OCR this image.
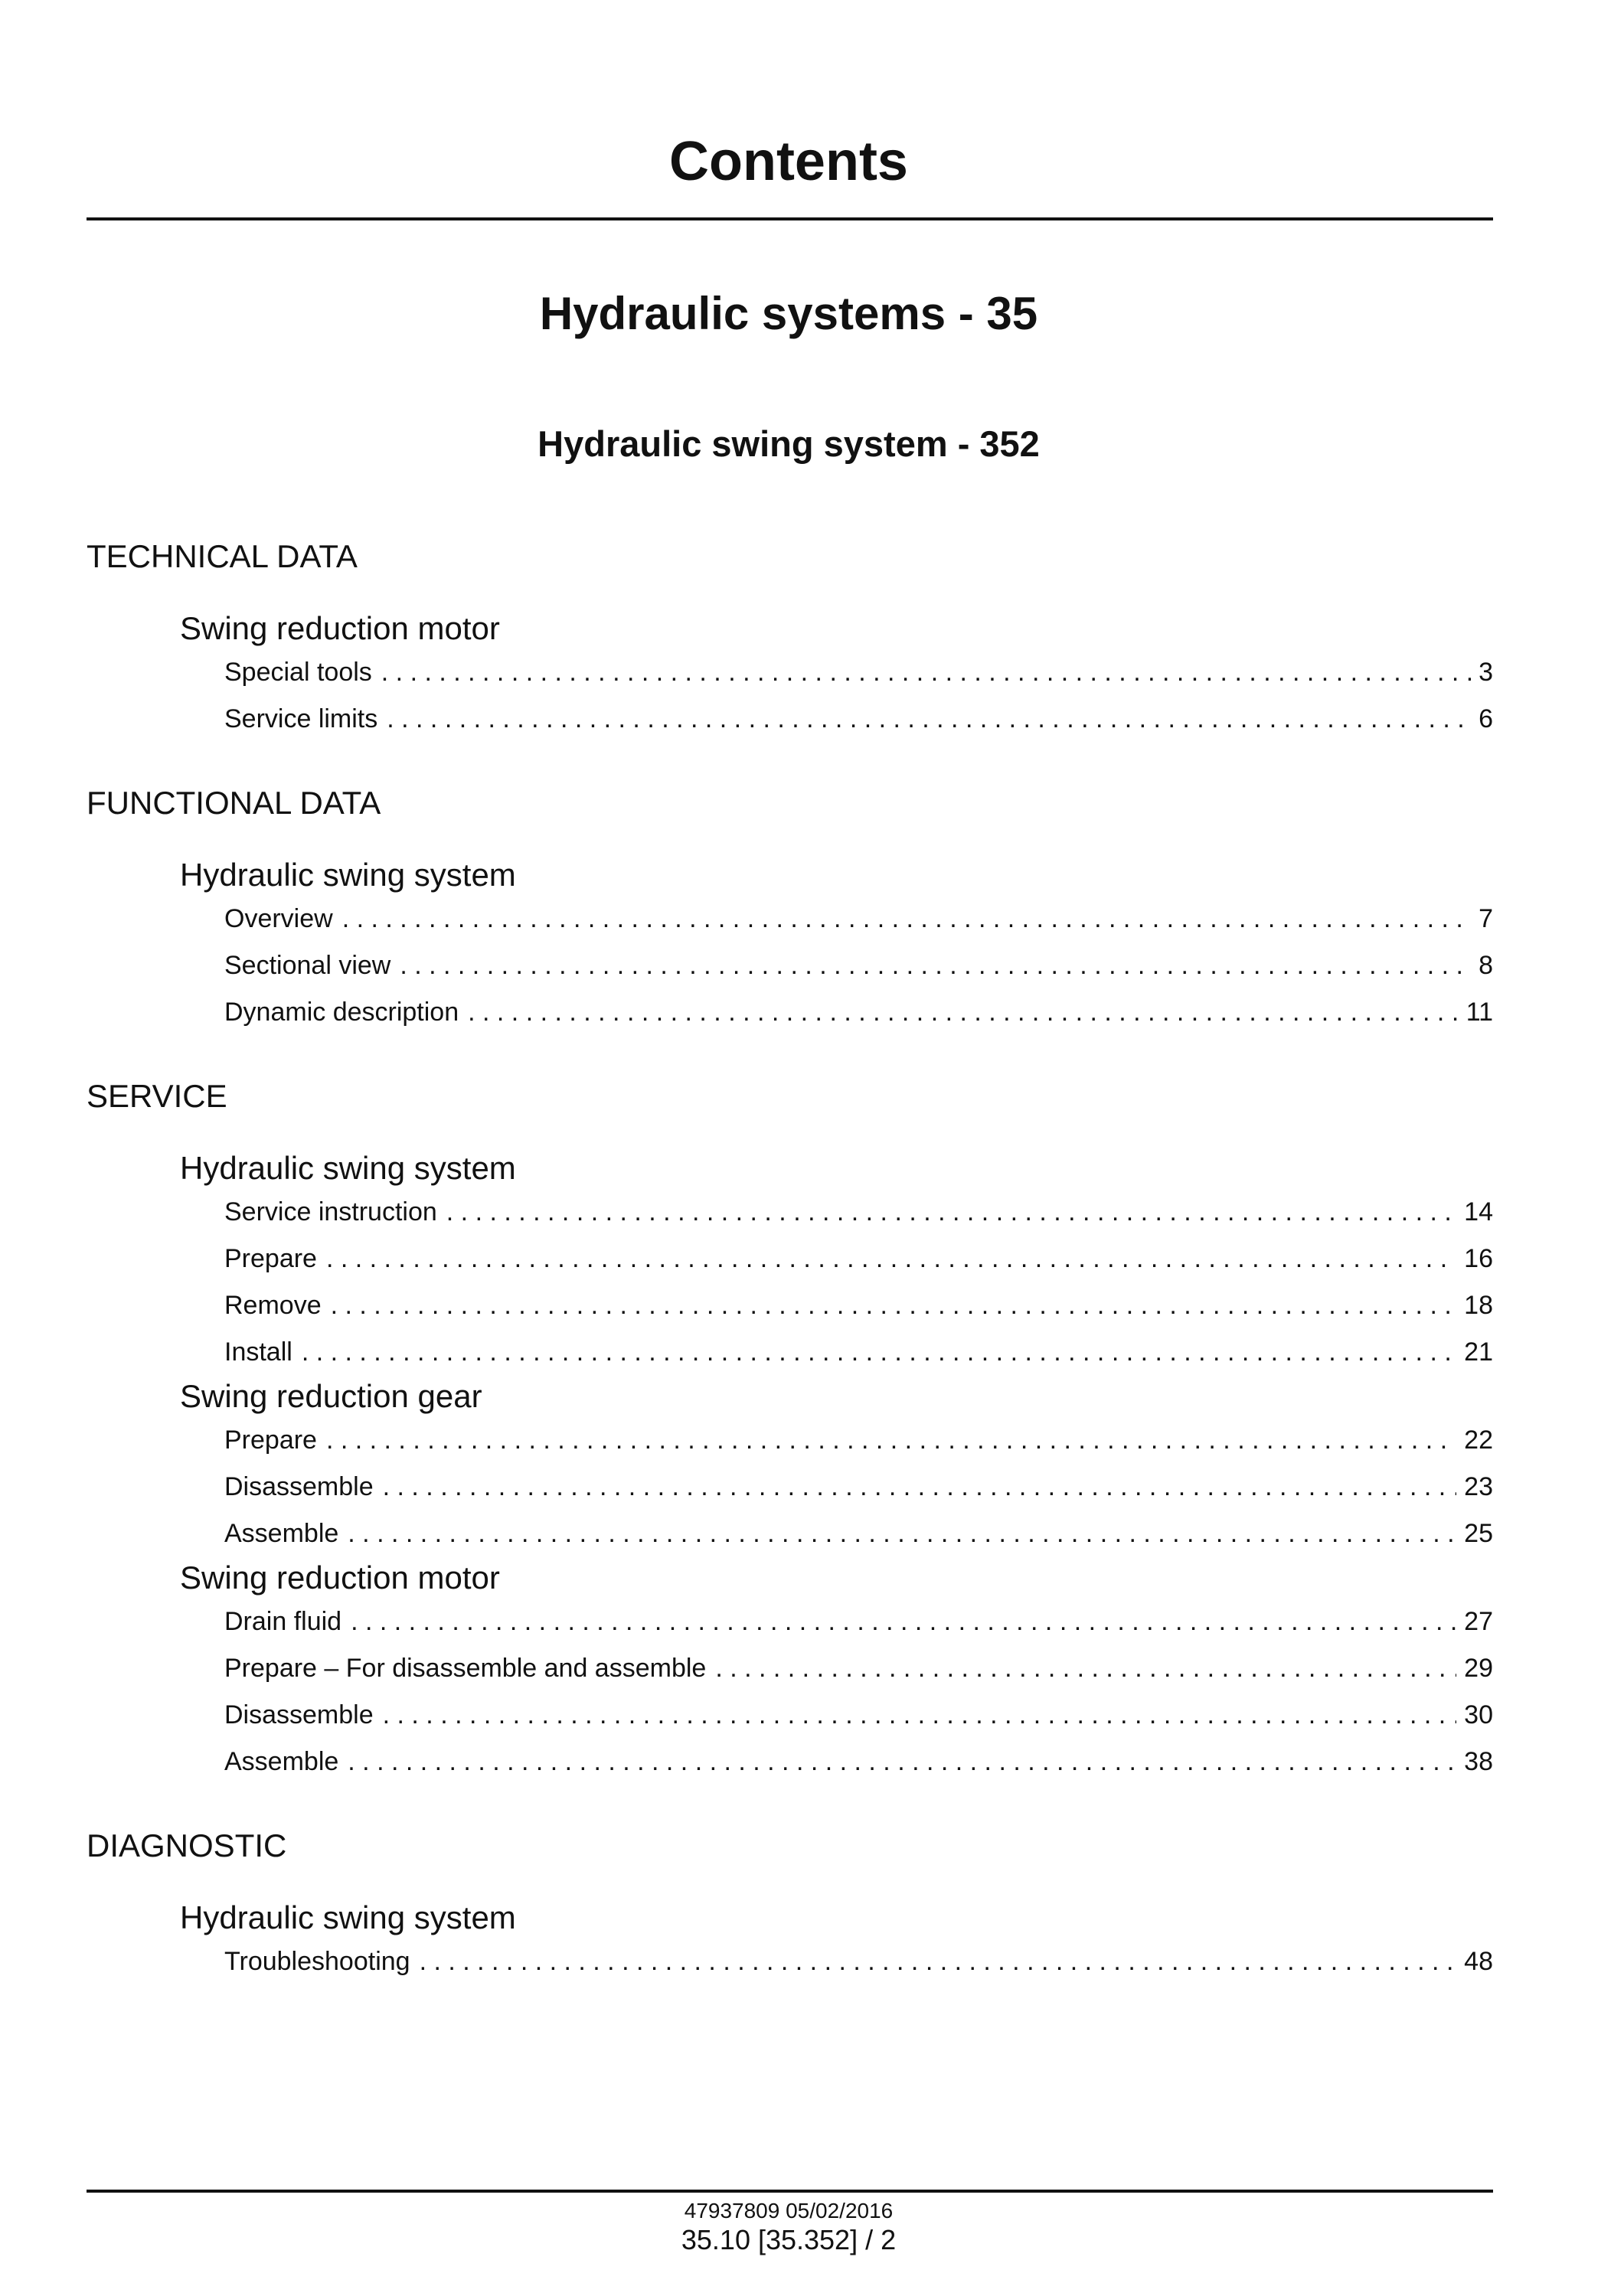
Contents
Hydraulic systems - 35
Hydraulic swing system - 352
TECHNICAL DATA
Swing reduction motor
Special tools . . .	3
Service limits . . .	6
FUNCTIONAL DATA
Hydraulic swing system
Overview . . .	7
Sectional view . . .	8
Dynamic description . . .	11
SERVICE
Hydraulic swing system
Service instruction . . .	14
Prepare . . .	16
Remove . . .	18
Install . . .	21
Swing reduction gear
Prepare . . .	22
Disassemble . . .	23
Assemble . . .	25
Swing reduction motor
Drain fluid . . .	27
Prepare – For disassemble and assemble . . .	29
Disassemble . . .	30
Assemble . . .	38
DIAGNOSTIC
Hydraulic swing system
Troubleshooting . . .	48
47937809 05/02/2016
35.10 [35.352] / 2
